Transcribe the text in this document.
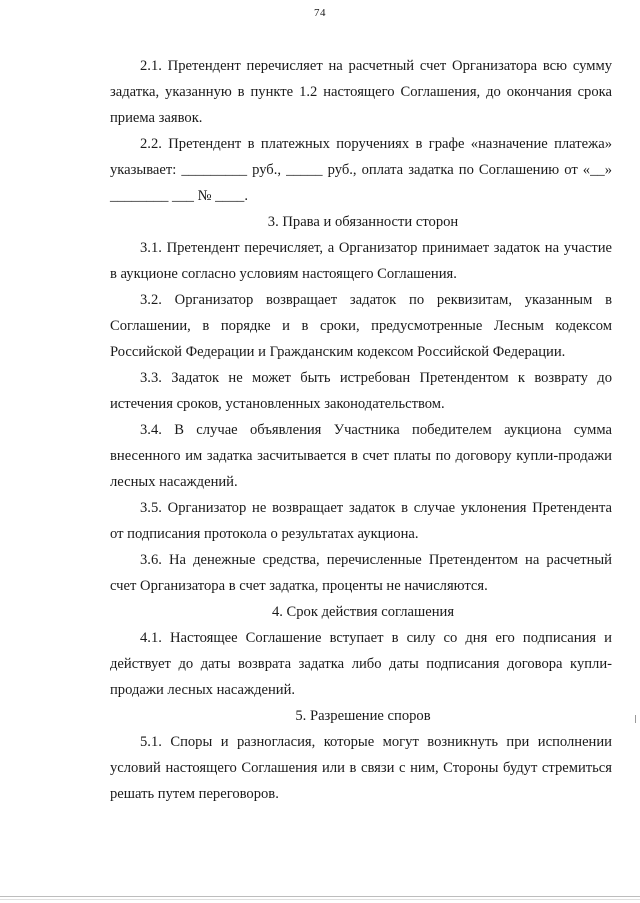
74

2.1. Претендент перечисляет на расчетный счет Организатора всю сумму задатка, указанную в пункте 1.2 настоящего Соглашения, до окончания срока приема заявок.

2.2. Претендент в платежных поручениях в графе «назначение платежа» указывает: _________ руб., _____ руб., оплата задатка по Соглашению от «__» ________ ___ № ____.

3. Права и обязанности сторон

3.1. Претендент перечисляет, а Организатор принимает задаток на участие в аукционе согласно условиям настоящего Соглашения.

3.2. Организатор возвращает задаток по реквизитам, указанным в Соглашении, в порядке и в сроки, предусмотренные Лесным кодексом Российской Федерации и Гражданским кодексом Российской Федерации.

3.3. Задаток не может быть истребован Претендентом к возврату до истечения сроков, установленных законодательством.

3.4. В случае объявления Участника победителем аукциона сумма внесенного им задатка засчитывается в счет платы по договору купли-продажи лесных насаждений.

3.5. Организатор не возвращает задаток в случае уклонения Претендента от подписания протокола о результатах аукциона.

3.6. На денежные средства, перечисленные Претендентом на расчетный счет Организатора в счет задатка, проценты не начисляются.

4. Срок действия соглашения

4.1. Настоящее Соглашение вступает в силу со дня его подписания и действует до даты возврата задатка либо даты подписания договора купли-продажи лесных насаждений.

5. Разрешение споров

5.1. Споры и разногласия, которые могут возникнуть при исполнении условий настоящего Соглашения или в связи с ним, Стороны будут стремиться решать путем переговоров.
